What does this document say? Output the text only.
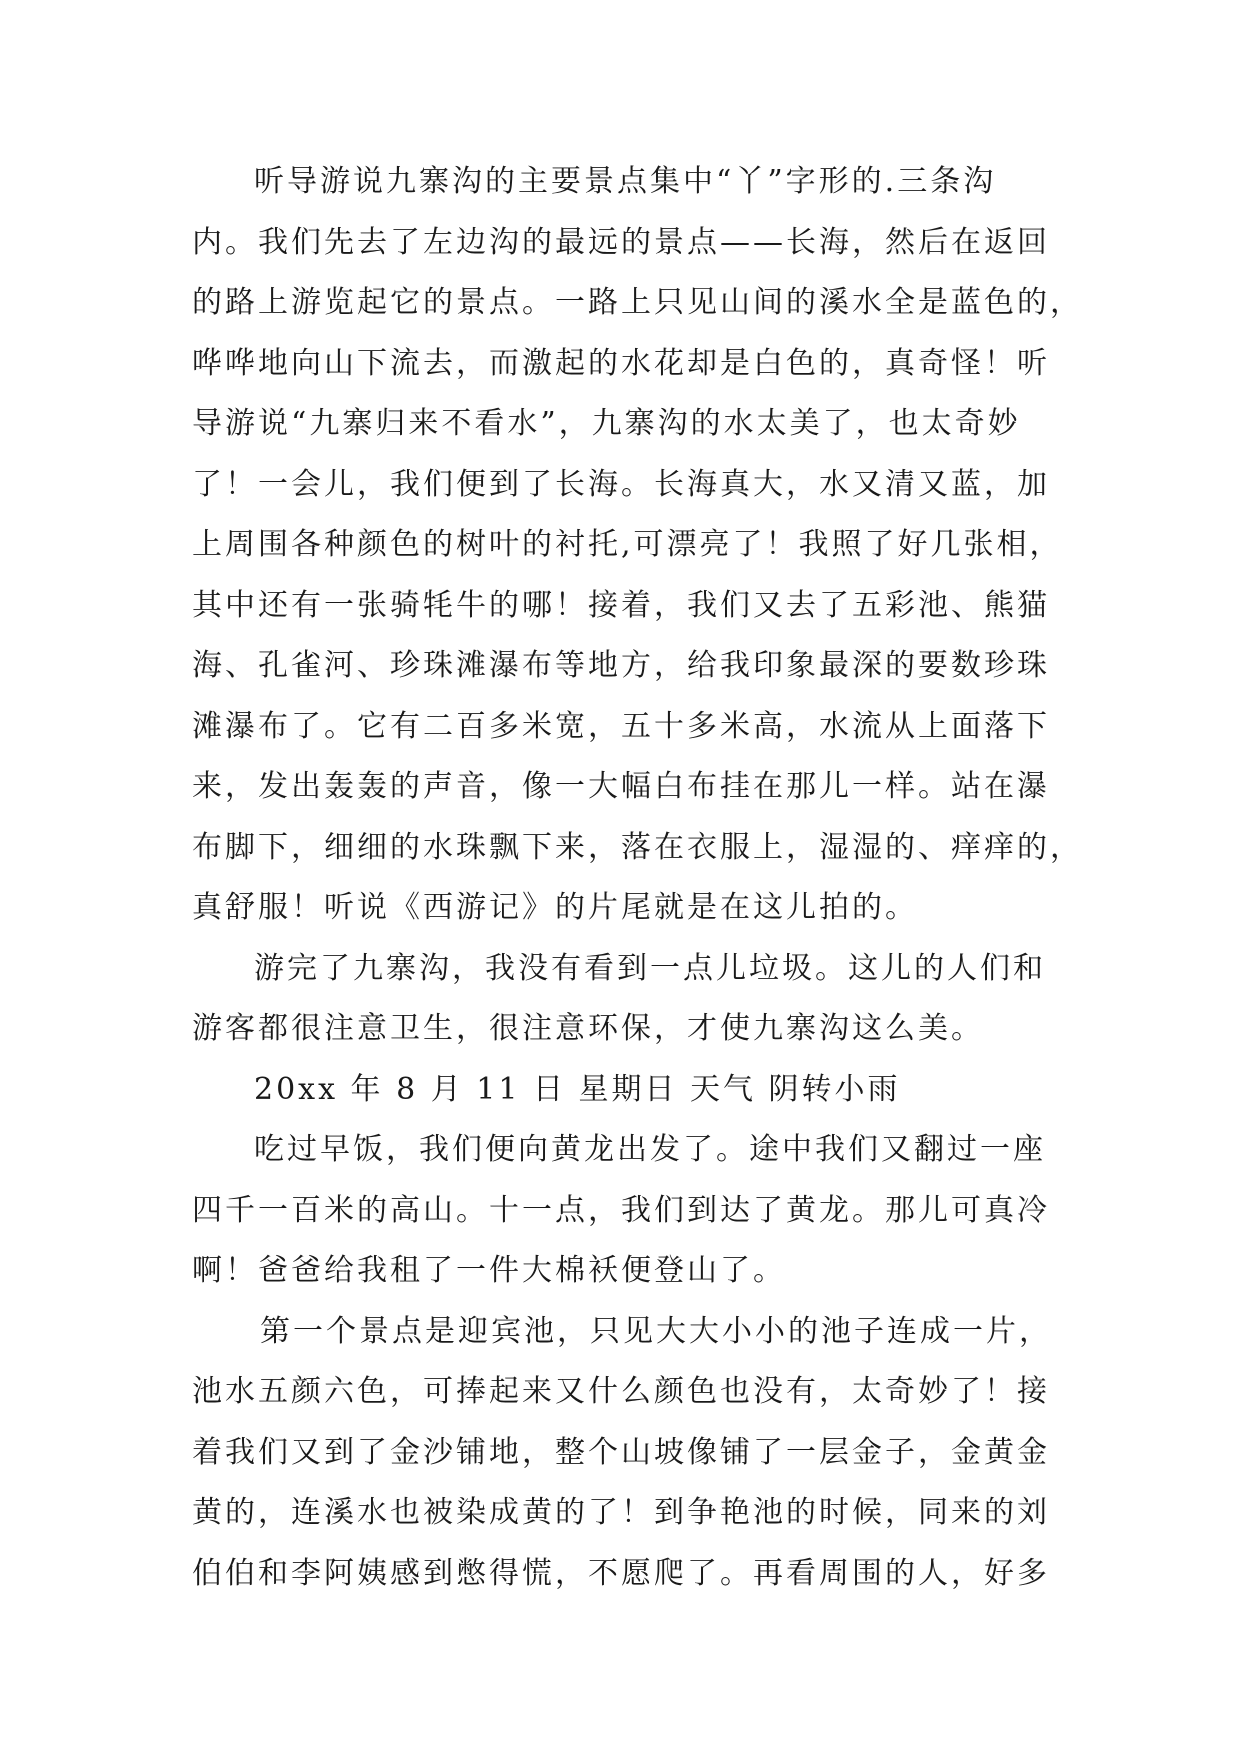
听导游说九寨沟的主要景点集中“丫”字形的.三条沟
内。我们先去了左边沟的最远的景点——长海，然后在返回
的路上游览起它的景点。一路上只见山间的溪水全是蓝色的，
哗哗地向山下流去，而激起的水花却是白色的，真奇怪！听
导游说“九寨归来不看水”，九寨沟的水太美了，也太奇妙
了！一会儿，我们便到了长海。长海真大，水又清又蓝，加
上周围各种颜色的树叶的衬托,可漂亮了！我照了好几张相，
其中还有一张骑牦牛的哪！接着，我们又去了五彩池、熊猫
海、孔雀河、珍珠滩瀑布等地方，给我印象最深的要数珍珠
滩瀑布了。它有二百多米宽，五十多米高，水流从上面落下
来，发出轰轰的声音，像一大幅白布挂在那儿一样。站在瀑
布脚下，细细的水珠飘下来，落在衣服上，湿湿的、痒痒的，
真舒服！听说《西游记》的片尾就是在这儿拍的。
游完了九寨沟，我没有看到一点儿垃圾。这儿的人们和
游客都很注意卫生，很注意环保，才使九寨沟这么美。
20xx 年 8 月 11 日 星期日 天气 阴转小雨
吃过早饭，我们便向黄龙出发了。途中我们又翻过一座
四千一百米的高山。十一点，我们到达了黄龙。那儿可真冷
啊！爸爸给我租了一件大棉袄便登山了。
第一个景点是迎宾池，只见大大小小的池子连成一片，
池水五颜六色，可捧起来又什么颜色也没有，太奇妙了！接
着我们又到了金沙铺地，整个山坡像铺了一层金子，金黄金
黄的，连溪水也被染成黄的了！到争艳池的时候，同来的刘
伯伯和李阿姨感到憋得慌，不愿爬了。再看周围的人，好多
